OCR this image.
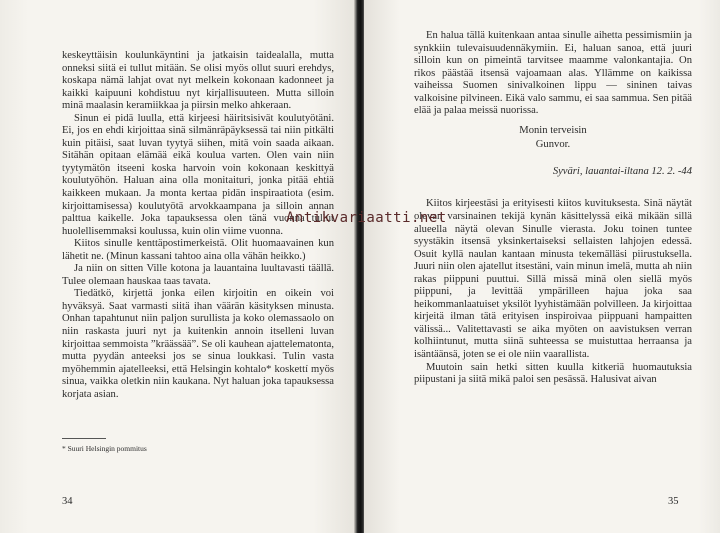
keskeyttäisin koulunkäyntini ja jatkaisin taidealalla, mutta onneksi siitä ei tullut mitään. Se olisi myös ollut suuri erehdys, koskapa nämä lahjat ovat nyt melkein kokonaan kadonneet ja kaikki kaipuuni kohdistuu nyt kirjallisuuteen. Mutta silloin minä maalasin keramiikkaa ja piirsin melko ahkeraan.

Sinun ei pidä luulla, että kirjeesi häiritsisivät koulutyötäni. Ei, jos en ehdi kirjoittaa sinä silmänräpäyksessä tai niin pitkälti kuin pitäisi, saat luvan tyytyä siihen, mitä voin saada aikaan. Sitähän opitaan elämää eikä koulua varten. Olen vain niin tyytymätön itseeni koska harvoin voin kokonaan keskittyä koulutyöhön. Haluan aina olla monitaituri, jonka pitää ehtiä kaikkeen mukaan. Ja monta kertaa pidän inspiraatiota (esim. kirjoittamisessa) koulutyötä arvokkaampana ja silloin annan palttua kaikelle. Joka tapauksessa olen tänä vuonna tullut huolellisemmaksi koulussa, kuin olin viime vuonna.

Kiitos sinulle kenttäpostimerkeistä. Olit huomaavainen kun lähetit ne. (Minun kassani tahtoo aina olla vähän heikko.)

Ja niin on sitten Ville kotona ja lauantaina luultavasti täällä. Tulee olemaan hauskaa taas tavata.

Tiedätkö, kirjettä jonka eilen kirjoitin en oikein voi hyväksyä. Saat varmasti siitä ihan väärän käsityksen minusta. Onhan tapahtunut niin paljon surullista ja koko olemassaolo on niin raskasta juuri nyt ja kuitenkin annoin itselleni luvan kirjoittaa semmoista ”kräässää”. Se oli kauhean ajattelematonta, mutta pyydän anteeksi jos se sinua loukkasi. Tulin vasta myöhemmin ajatelleeksi, että Helsingin kohtalo* koskettí myös sinua, vaikka oletkin niin kaukana. Nyt haluan joka tapauksessa korjata asian.

* Suuri Helsingin pommitus
34

En halua tällä kuitenkaan antaa sinulle aihetta pessimismiin ja synkkiin tulevaisuudennäkymiin. Ei, haluan sanoa, että juuri silloin kun on pimeintä tarvitsee maamme valonkantajia. On rikos päästää itsensä vajoamaan alas. Yllämme on kaikissa vaiheissa Suomen sinivalkoinen lippu — sininen taivas valkoisine pilvineen. Eikä valo sammu, ei saa sammua. Sen pitää elää ja palaa meissä nuorissa.

Monin terveisin

Gunvor.

Syväri, lauantai-iltana 12. 2. -44

Kiitos kirjeestäsi ja erityisesti kiitos kuvituksesta. Sinä näytät olevan varsinainen tekijä kynän käsittelyssä eikä mikään sillä alueella näytä olevan Sinulle vierasta. Joku toinen tuntee syystäkin itsensä yksinkertaiseksi sellaisten lahjojen edessä. Osuit kyllä naulan kantaan minusta tekemälläsi piirustuksella. Juuri niin olen ajatellut itsestäni, vain minun imelä, mutta ah niin rakas piippuni puuttui. Sillä missä minä olen siellä myös piippuni, ja levittää ympärilleen hajua joka saa heikommanlaatuiset yksilöt lyyhistämään polvilleen. Ja kirjoittaa kirjeitä ilman tätä erityisen inspiroivaa piippuani hampaitten välissä... Valitettavasti se aika myöten on aavistuksen verran kolhiintunut, mutta siinä suhteessa se muistuttaa herraansa ja isäntäänsä, joten se ei ole niin vaarallista.

Muutoin sain hetki sitten kuulla kitkeriä huomautuksia piipustani ja siitä mikä paloi sen pesässä. Halusivat aivan

35
Antikvariaatti.net
